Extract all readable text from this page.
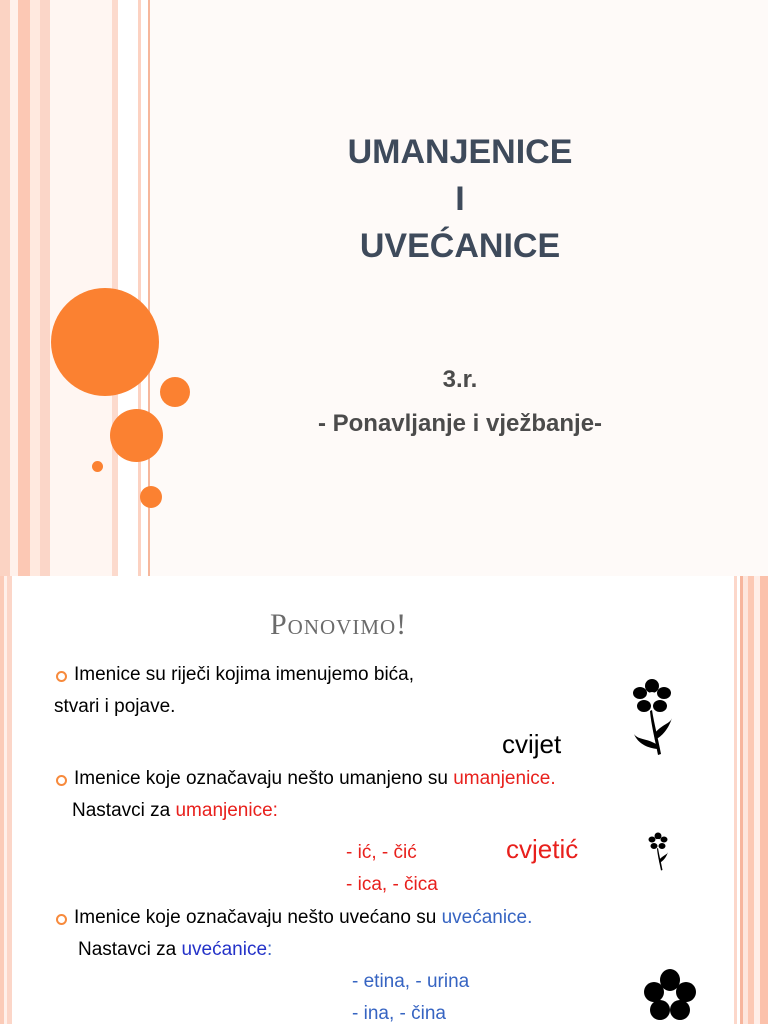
UMANJENICE
I
UVEĆANICE
3.r.
- Ponavljanje i vježbanje-
Ponovimo!
Imenice su riječi kojima imenujemo bića,
stvari i pojave.
cvijet
Imenice koje označavaju nešto umanjeno su umanjenice.
Nastavci za umanjenice:
- ić, - čić	cvjetić
- ica, - čica
Imenice koje označavaju nešto uvećano su uvećanice.
Nastavci za uvećanice:
- etina, - urina
- ina, - čina
